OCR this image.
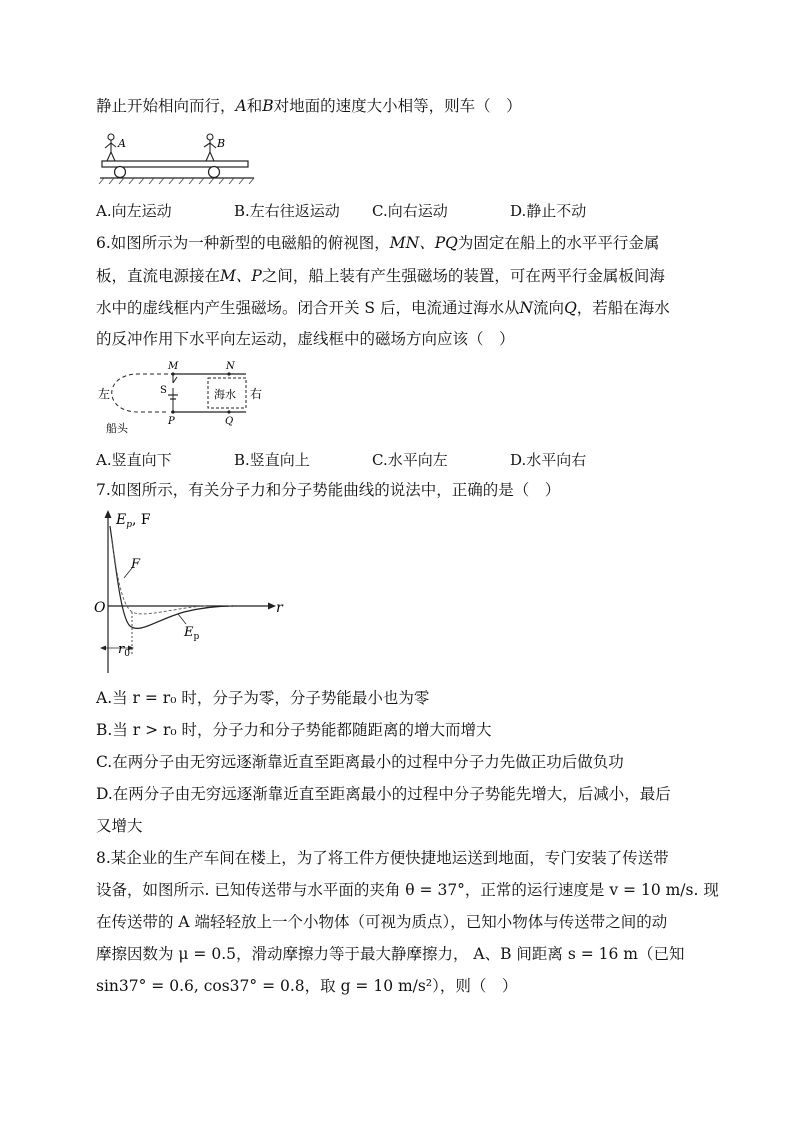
静止开始相向而行，A和B对地面的速度大小相等，则车（　）
A	B
A.向左运动	B.左右往返运动 C.向右运动	D.静止不动
6.如图所示为一种新型的电磁船的俯视图，MN、PQ为固定在船上的水平平行金属
板，直流电源接在M、P之间，船上装有产生强磁场的装置，可在两平行金属板间海
水中的虚线框内产生强磁场。闭合开关 S 后，电流通过海水从N流向Q，若船在海水
的反冲作用下水平向左运动，虚线框中的磁场方向应该（　）
左	右
M	N
P	Q
S	海水
船头
A.竖直向下	B.竖直向上	C.水平向左	D.水平向右
7.如图所示，有关分子力和分子势能曲线的说法中，正确的是（　）
$E_p$, F
F
O	r
$r_0$
$E_p$
A.当 r = r₀ 时，分子为零，分子势能最小也为零
B.当 r > r₀ 时，分子力和分子势能都随距离的增大而增大
C.在两分子由无穷远逐渐靠近直至距离最小的过程中分子力先做正功后做负功
D.在两分子由无穷远逐渐靠近直至距离最小的过程中分子势能先增大，后减小，最后
又增大
8.某企业的生产车间在楼上，为了将工件方便快捷地运送到地面，专门安装了传送带
设备，如图所示. 已知传送带与水平面的夹角 θ = 37°，正常的运行速度是 v = 10 m/s. 现
在传送带的 A 端轻轻放上一个小物体（可视为质点），已知小物体与传送带之间的动
摩擦因数为 μ = 0.5，滑动摩擦力等于最大静摩擦力， A、B 间距离 s = 16 m（已知
sin37° = 0.6, cos37° = 0.8，取 g = 10 m/s²），则（　）
